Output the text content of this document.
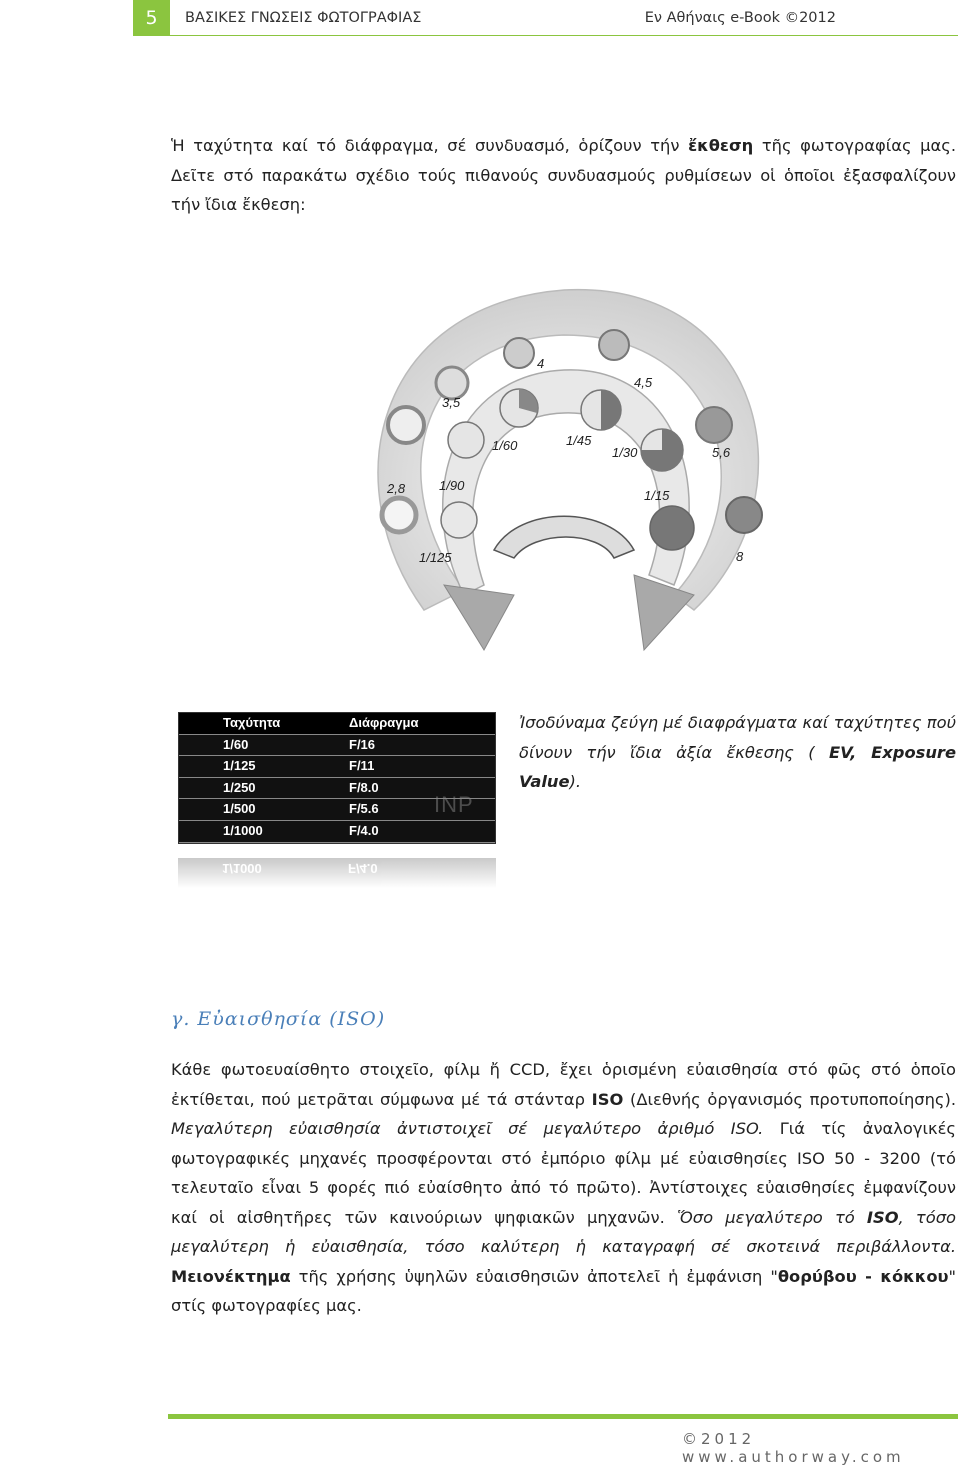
5	ΒΑΣΙΚΕΣ ΓΝΩΣΕΙΣ ΦΩΤΟΓΡΑΦΙΑΣ	Εν Αθήναις e-Book ©2012
Ἡ ταχύτητα καί τό διάφραγμα, σέ συνδυασμό, ὁρίζουν τήν ἔκθεση τῆς φωτογραφίας μας. Δεῖτε στό παρακάτω σχέδιο τούς πιθανούς συνδυασμούς ρυθμίσεων οἱ ὁποῖοι ἐξασφαλίζουν τήν ἴδια ἔκθεση:
3,5
4
4,5
5,6
8
2,8
1/60	1/45
1/30
1/15
1/90
1/125
Ταχύτητα	Διάφραγμα
1/60	F/16
1/125	F/11
1/250	F/8.0
1/500	F/5.6
1/1000	F/4.0
INP
1/1000	F/4.0
Ἰσοδύναμα ζεύγη μέ διαφράγματα καί ταχύτητες πού δίνουν τήν ἴδια ἀξία ἔκθεσης ( EV, Exposure Value).
γ. Εὐαισθησία (ISO)
Κάθε φωτοευαίσθητο στοιχεῖο, φίλμ ἤ CCD, ἔχει ὁρισμένη εὐαισθησία στό φῶς στό ὁποῖο ἐκτίθεται, πού μετρᾶται σύμφωνα μέ τά στάνταρ ISO (Διεθνής ὀργανισμός προτυποποίησης). Μεγαλύτερη εὐαισθησία ἀντιστοιχεῖ σέ μεγαλύτερο ἀριθμό ISO. Γιά τίς ἀναλογικές φωτογραφικές μηχανές προσφέρονται στό ἐμπόριο φίλμ μέ εὐαισθησίες ISO 50 - 3200 (τό τελευταῖο εἶναι 5 φορές πιό εὐαίσθητο ἀπό τό πρῶτο). Ἀντίστοιχες εὐαισθησίες ἐμφανίζουν καί οἱ αἰσθητῆρες τῶν καινούριων ψηφιακῶν μηχανῶν. Ὅσο μεγαλύτερο τό ISO, τόσο μεγαλύτερη ἡ εὐαισθησία, τόσο καλύτερη ἡ καταγραφή σέ σκοτεινά περιβάλλοντα. Μειονέκτημα τῆς χρήσης ὑψηλῶν εὐαισθησιῶν ἀποτελεῖ ἡ ἐμφάνιση "θορύβου - κόκκου" στίς φωτογραφίες μας.
©2012 www.authorway.com
